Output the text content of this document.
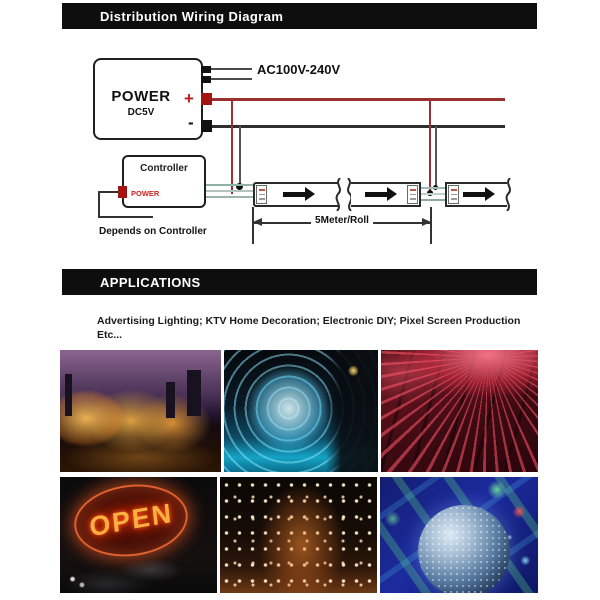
Distribution Wiring Diagram
POWER
DC5V
AC100V-240V
+
-
Controller
POWER
Depends on Controller
5Meter/Roll
APPLICATIONS
Advertising Lighting; KTV Home Decoration; Electronic DIY; Pixel Screen Production
Etc...
OPEN
